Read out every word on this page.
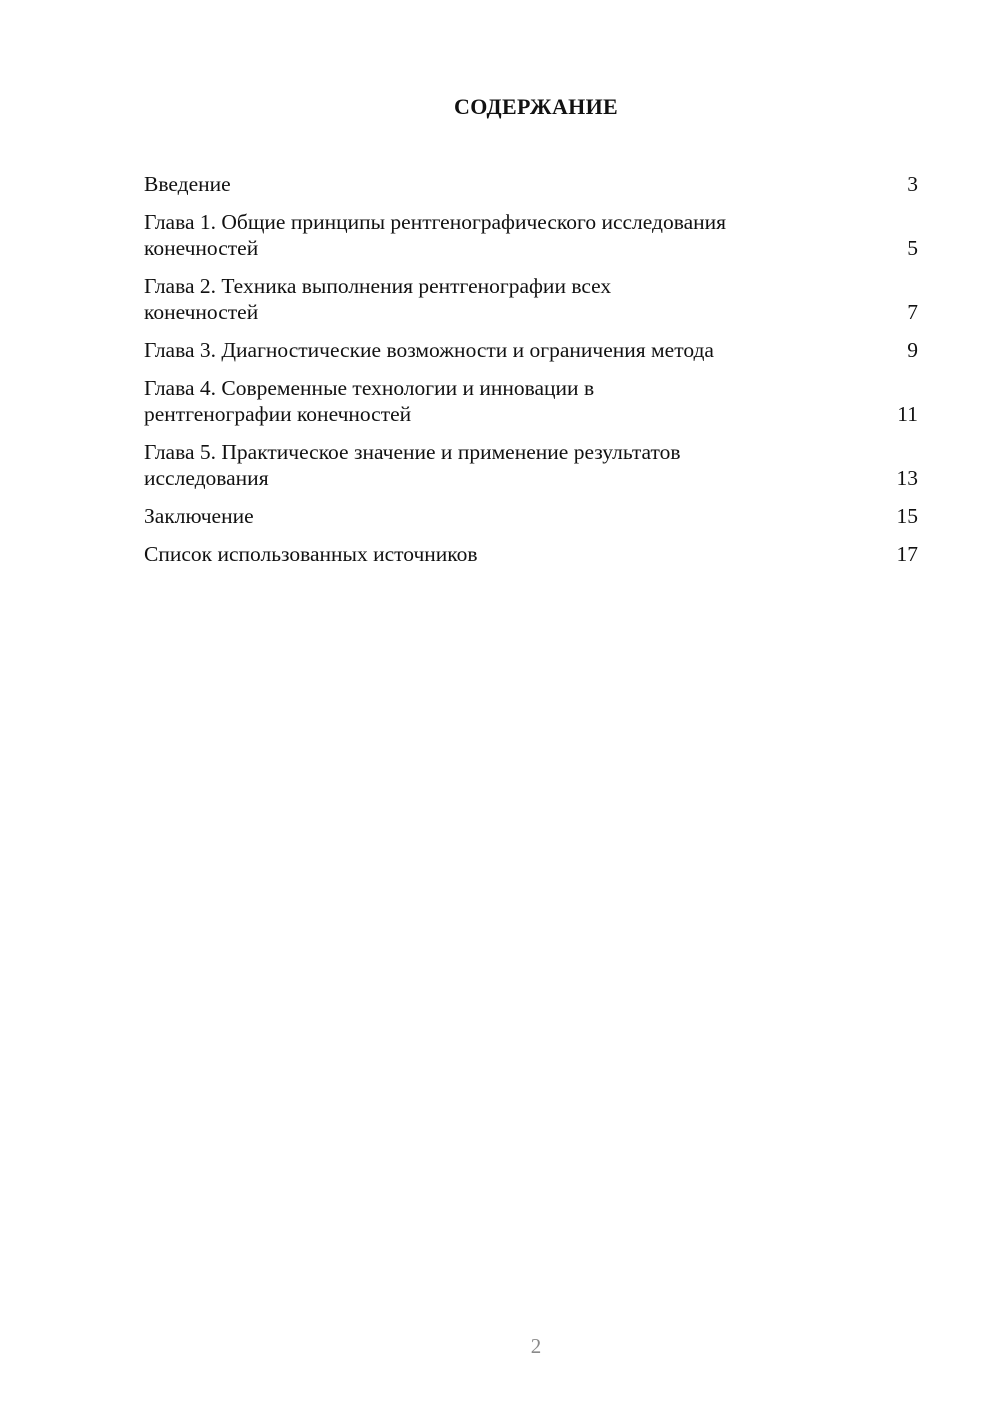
СОДЕРЖАНИЕ
Введение	3
Глава 1. Общие принципы рентгенографического исследования конечностей	5
Глава 2. Техника выполнения рентгенографии всех конечностей	7
Глава 3. Диагностические возможности и ограничения метода	9
Глава 4. Современные технологии и инновации в рентгенографии конечностей	11
Глава 5. Практическое значение и применение результатов исследования	13
Заключение	15
Список использованных источников	17
2
